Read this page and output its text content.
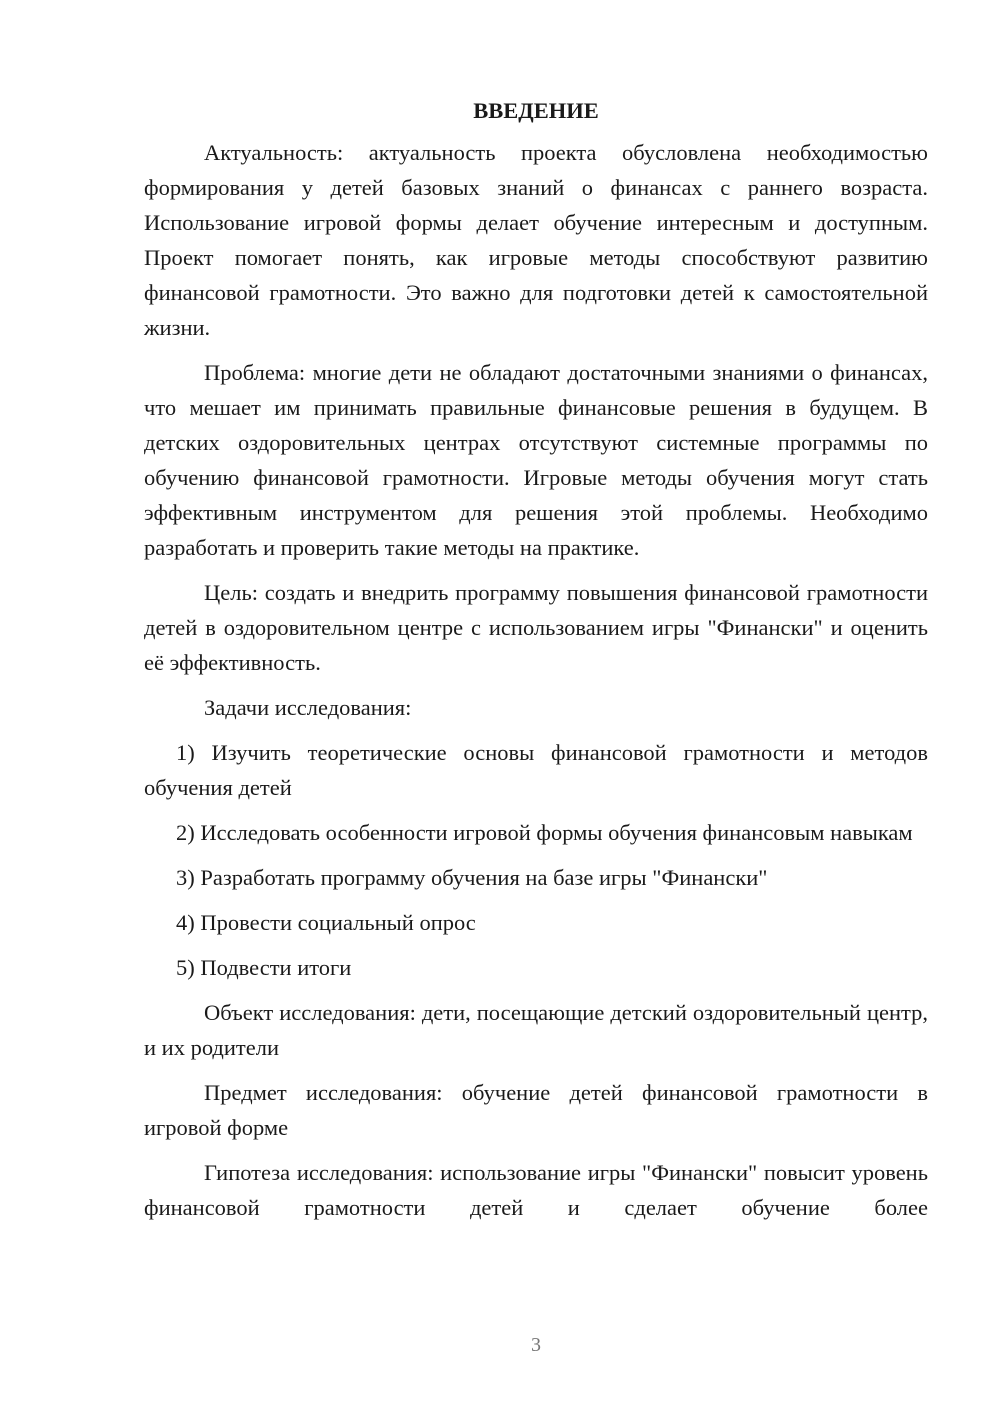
ВВЕДЕНИЕ

Актуальность: актуальность проекта обусловлена необходимостью формирования у детей базовых знаний о финансах с раннего возраста. Использование игровой формы делает обучение интересным и доступным. Проект помогает понять, как игровые методы способствуют развитию финансовой грамотности. Это важно для подготовки детей к самостоятельной жизни.

Проблема: многие дети не обладают достаточными знаниями о финансах, что мешает им принимать правильные финансовые решения в будущем. В детских оздоровительных центрах отсутствуют системные программы по обучению финансовой грамотности. Игровые методы обучения могут стать эффективным инструментом для решения этой проблемы. Необходимо разработать и проверить такие методы на практике.

Цель: создать и внедрить программу повышения финансовой грамотности детей в оздоровительном центре с использованием игры "Финански" и оценить её эффективность.

Задачи исследования:

1) Изучить теоретические основы финансовой грамотности и методов обучения детей

2) Исследовать особенности игровой формы обучения финансовым навыкам

3) Разработать программу обучения на базе игры "Финански"

4) Провести социальный опрос

5) Подвести итоги

Объект исследования: дети, посещающие детский оздоровительный центр, и их родители

Предмет исследования: обучение детей финансовой грамотности в игровой форме

Гипотеза исследования: использование игры "Финански" повысит уровень финансовой грамотности детей и сделает обучение более

3
